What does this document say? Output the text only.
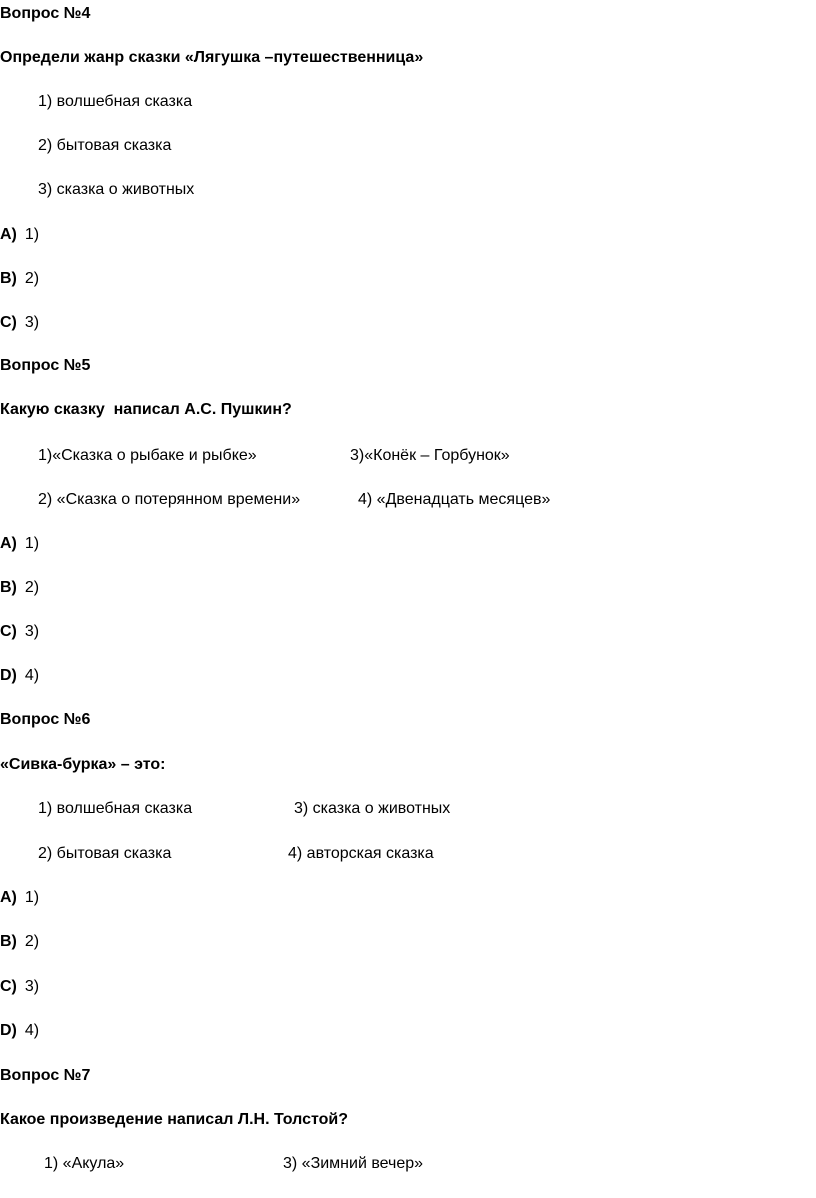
Вопрос №4
Определи жанр сказки «Лягушка –путешественница»
1) волшебная сказка
2) бытовая сказка
3) сказка о животных
А) 1)
В) 2)
С) 3)
Вопрос №5
Какую сказку  написал А.С. Пушкин?
1)«Сказка о рыбаке и рыбке»	3)«Конёк – Горбунок»
2) «Сказка о потерянном времени»	4) «Двенадцать месяцев»
А) 1)
В) 2)
С) 3)
D) 4)
Вопрос №6
«Сивка-бурка» – это:
1) волшебная сказка	3) сказка о животных
2) бытовая сказка	4) авторская сказка
А) 1)
В) 2)
С) 3)
D) 4)
Вопрос №7
Какое произведение написал Л.Н. Толстой?
1) «Акула»	3) «Зимний вечер»
